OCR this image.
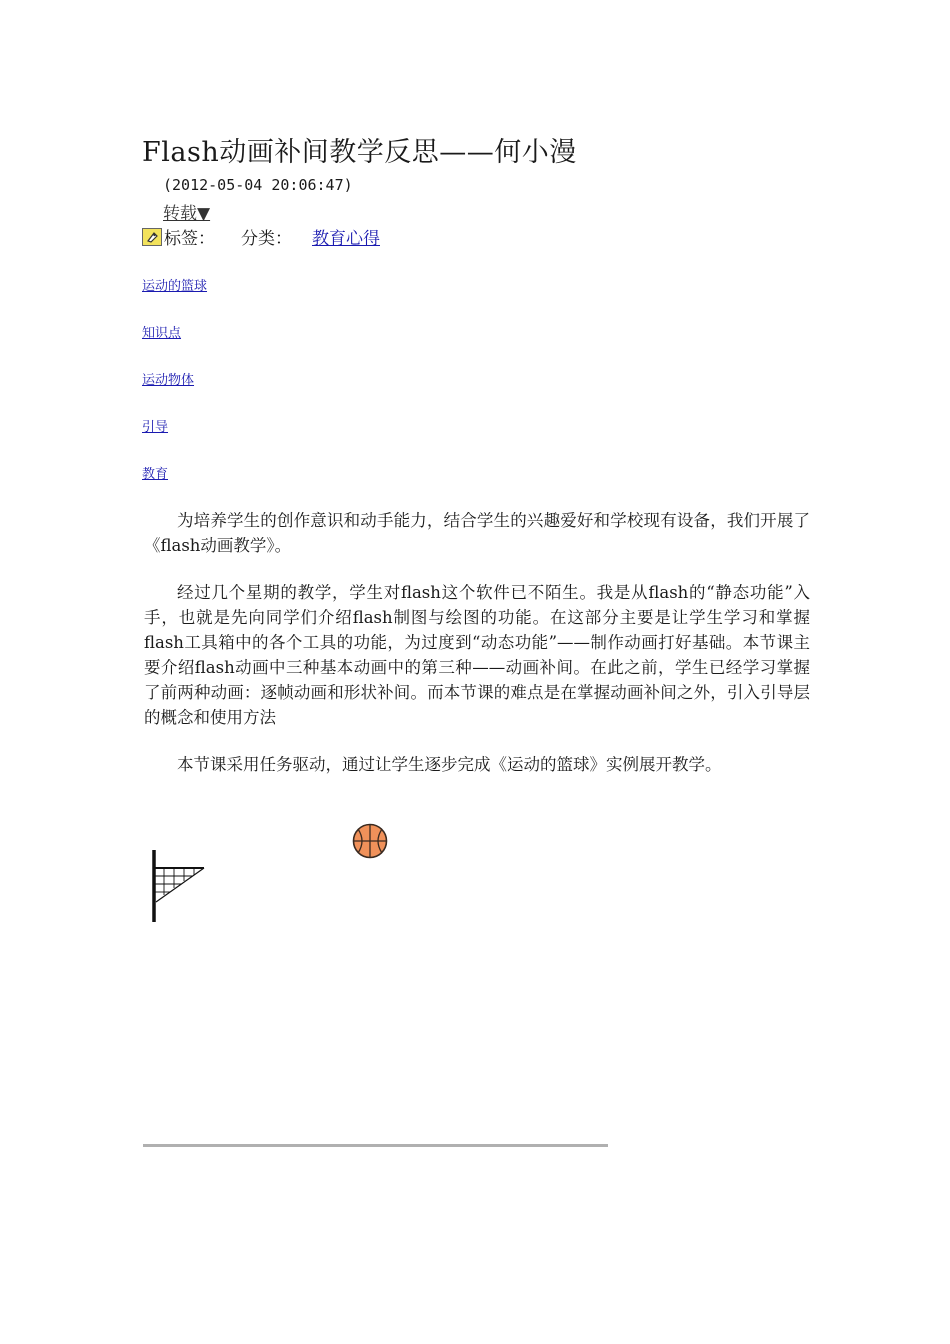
Flash动画补间教学反思——何小漫
(2012-05-04 20:06:47)
转载▼
标签： 分类： 教育心得
运动的篮球
知识点
运动物体
引导
教育

为培养学生的创作意识和动手能力，结合学生的兴趣爱好和学校现有设备，我们开展了《flash动画教学》。

经过几个星期的教学，学生对flash这个软件已不陌生。我是从flash的“静态功能”入手，也就是先向同学们介绍flash制图与绘图的功能。在这部分主要是让学生学习和掌握flash工具箱中的各个工具的功能，为过度到“动态功能”——制作动画打好基础。本节课主要介绍flash动画中三种基本动画中的第三种——动画补间。在此之前，学生已经学习掌握了前两种动画：逐帧动画和形状补间。而本节课的难点是在掌握动画补间之外，引入引导层的概念和使用方法

本节课采用任务驱动，通过让学生逐步完成《运动的篮球》实例展开教学。
